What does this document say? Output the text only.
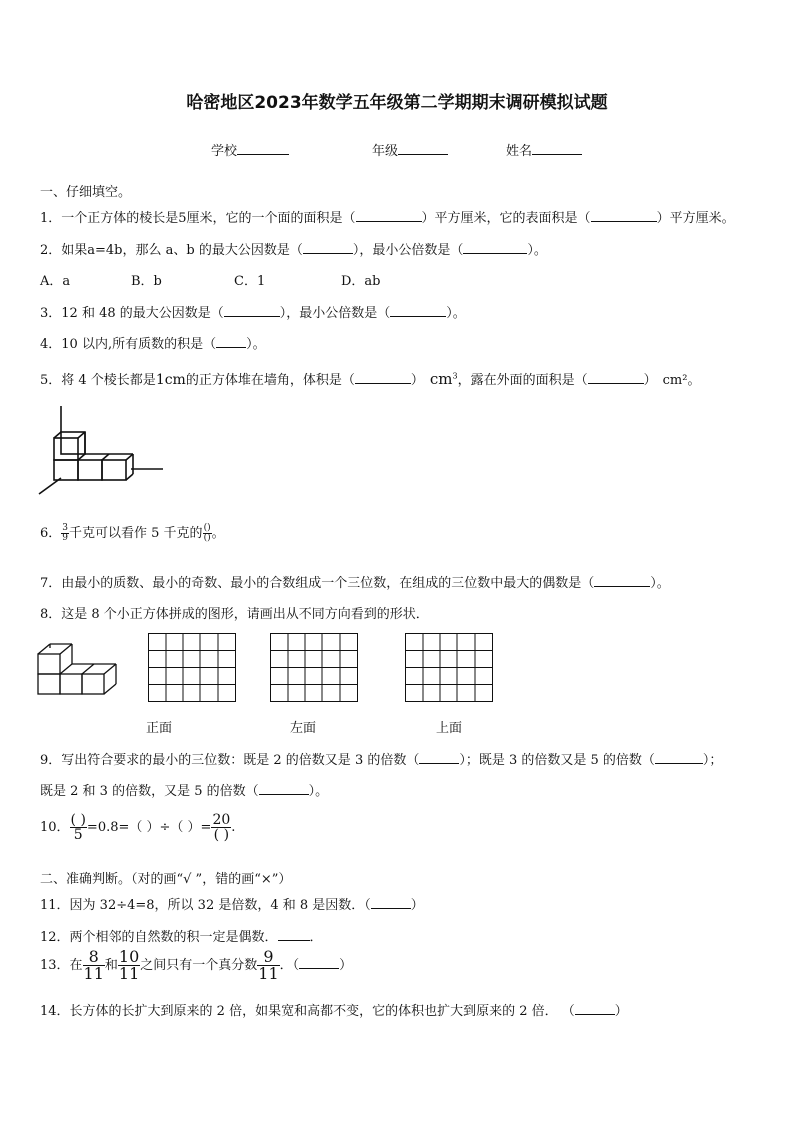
哈密地区2023年数学五年级第二学期期末调研模拟试题
学校	年级	姓名
一、仔细填空。
1．一个正方体的棱长是5厘米，它的一个面的面积是（	）平方厘米，它的表面积是（	）平方厘米。
2．如果a=4b，那么 a、b 的最大公因数是（	），最小公倍数是（	）。
A．a	B．b	C．1	D．ab
3．12 和 48 的最大公因数是（	），最小公倍数是（	）。
4．10 以内,所有质数的积是（ ）。
5．将 4 个棱长都是1cm的正方体堆在墙角，体积是（	） $cm^3$，露在外面的面积是（	） cm²。
6． $\frac{3}{9}$ 千克可以看作 5 千克的 $\frac{()}{()}$ 。
7．由最小的质数、最小的奇数、最小的合数组成一个三位数，在组成的三位数中最大的偶数是（	）。
8．这是 8 个小正方体拼成的图形，请画出从不同方向看到的形状．
正面	左面	上面
9．写出符合要求的最小的三位数：既是 2 的倍数又是 3 的倍数（	）；既是 3 的倍数又是 5 的倍数（	）；
既是 2 和 3 的倍数，又是 5 的倍数（	）。
10． $\frac{( )}{5} =0.8=$（ ）÷（ ）= $\frac{20}{( )}$ .
二、准确判断。（对的画“√ ”，错的画“×”）
11．因为 32÷4=8，所以 32 是倍数，4 和 8 是因数．（	）
12．两个相邻的自然数的积一定是偶数． ．
13．在 $\frac{8}{11}$ 和 $\frac{10}{11}$ 之间只有一个真分数 $\frac{9}{11}$ ．（	）
14．长方体的长扩大到原来的 2 倍，如果宽和高都不变，它的体积也扩大到原来的 2 倍． （	）
